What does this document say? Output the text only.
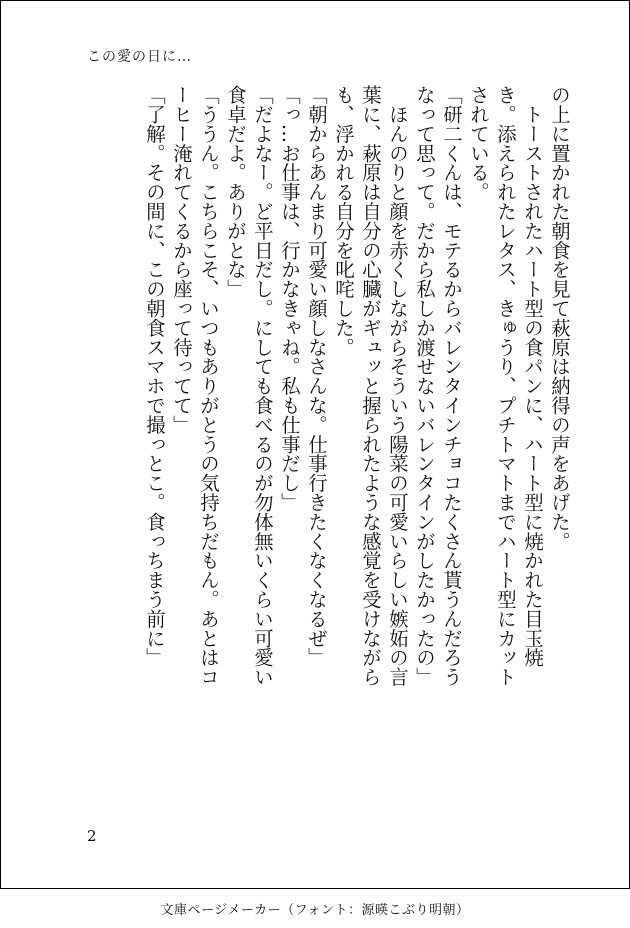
この愛の日に…

の上に置かれた朝食を見て萩原は納得の声をあげた。

　トーストされたハート型の食パンに、ハート型に焼かれた目玉焼き。添えられたレタス、きゅうり、プチトマトまでハート型にカットされている。

「研二くんは、モテるからバレンタインチョコたくさん貰うんだろうなって思って。だから私しか渡せないバレンタインがしたかったの」

　ほんのりと顔を赤くしながらそういう陽菜の可愛いらしい嫉妬の言葉に、萩原は自分の心臓がギュッと握られたような感覚を受けながらも、浮かれる自分を叱咤した。

「朝からあんまり可愛い顔しなさんな。仕事行きたくなくなるぜ」

「っ…お仕事は、行かなきゃね。私も仕事だし」

「だよなー。ど平日だし。にしても食べるのが勿体無いくらい可愛い食卓だよ。ありがとな」

「ううん。こちらこそ、いつもありがとうの気持ちだもん。あとはコーヒー淹れてくるから座って待ってて」

「了解。その間に、この朝食スマホで撮っとこ。食っちまう前に」

2
文庫ページメーカー（フォント：源暎こぶり明朝）
